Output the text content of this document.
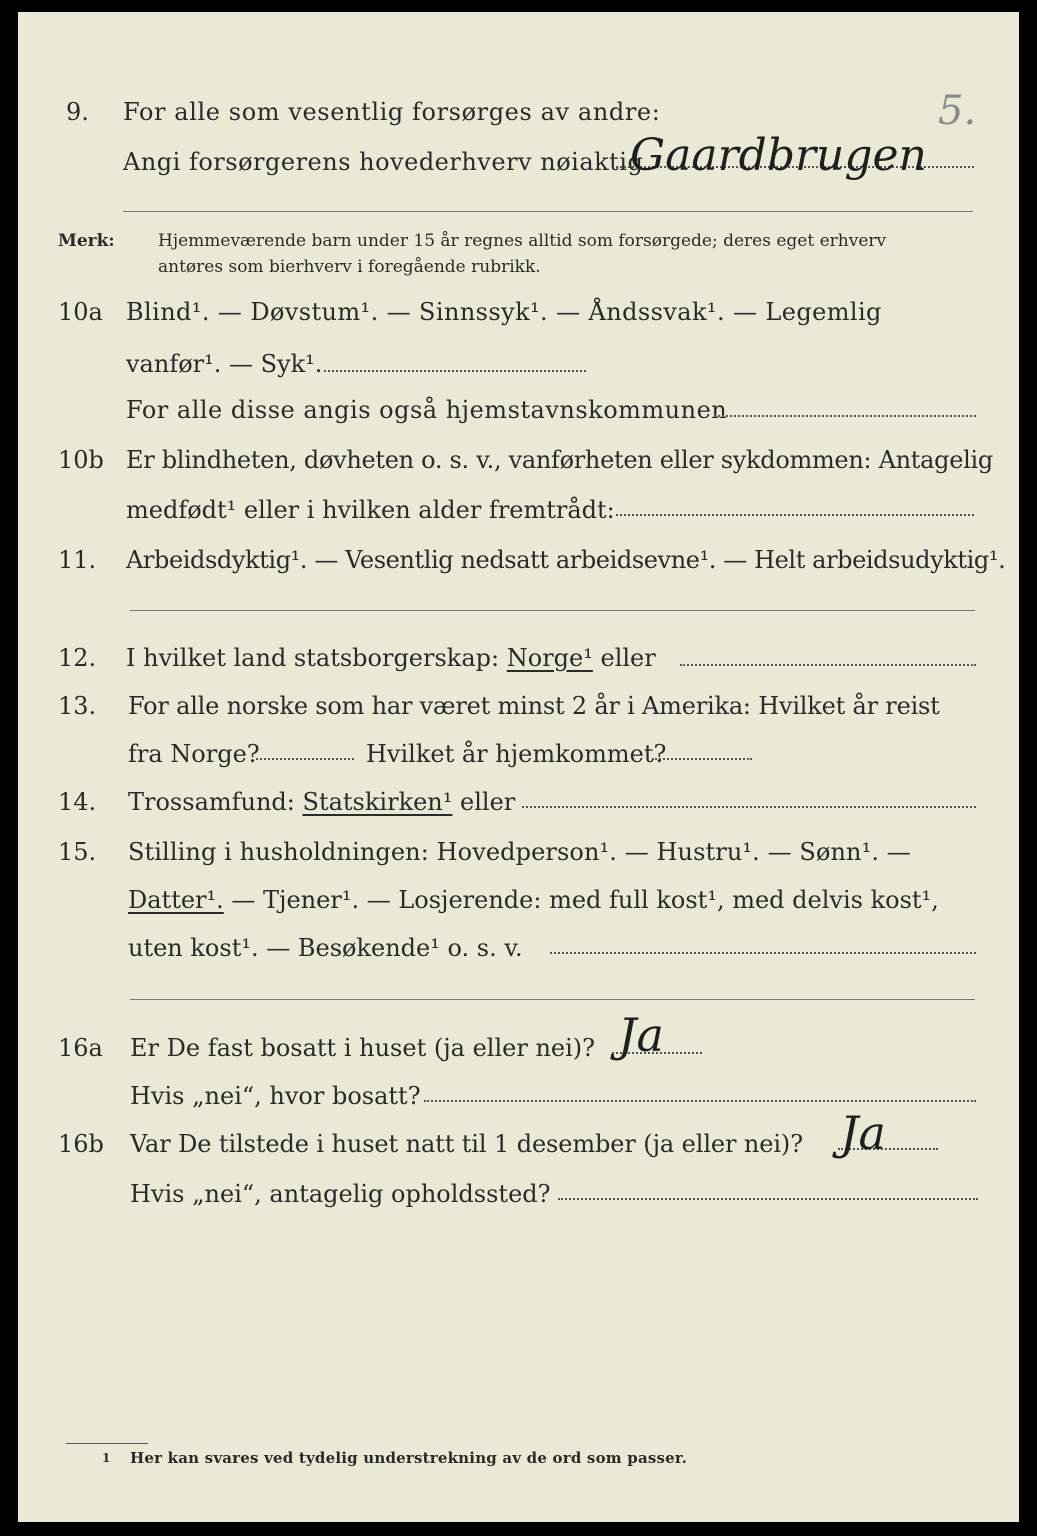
5.
9. For alle som vesentlig forsørges av andre:
Angi forsørgerens hovederhverv nøiaktig
Gaardbrugen
Merk:	Hjemmeværende barn under 15 år regnes alltid som forsørgede; deres eget erhverv
antøres som bierhverv i foregående rubrikk.
10a Blind¹. — Døvstum¹. — Sinnssyk¹. — Åndssvak¹. — Legemlig
vanfør¹. — Syk¹.
For alle disse angis også hjemstavnskommunen
10b Er blindheten, døvheten o. s. v., vanførheten eller sykdommen: Antagelig
medfødt¹ eller i hvilken alder fremtrådt:
11. Arbeidsdyktig¹. — Vesentlig nedsatt arbeidsevne¹. — Helt arbeidsudyktig¹.
12. I hvilket land statsborgerskap: Norge¹ eller
13. For alle norske som har været minst 2 år i Amerika: Hvilket år reist
fra Norge?	Hvilket år hjemkommet?
14. Trossamfund: Statskirken¹ eller
15. Stilling i husholdningen: Hovedperson¹. — Hustru¹. — Sønn¹. —
Datter¹. — Tjener¹. — Losjerende: med full kost¹, med delvis kost¹,
uten kost¹. — Besøkende¹ o. s. v.
16a Er De fast bosatt i huset (ja eller nei)? Ja
Hvis „nei“, hvor bosatt?
16b Var De tilstede i huset natt til 1 desember (ja eller nei)? Ja
Hvis „nei“, antagelig opholdssted?
1 Her kan svares ved tydelig understrekning av de ord som passer.
